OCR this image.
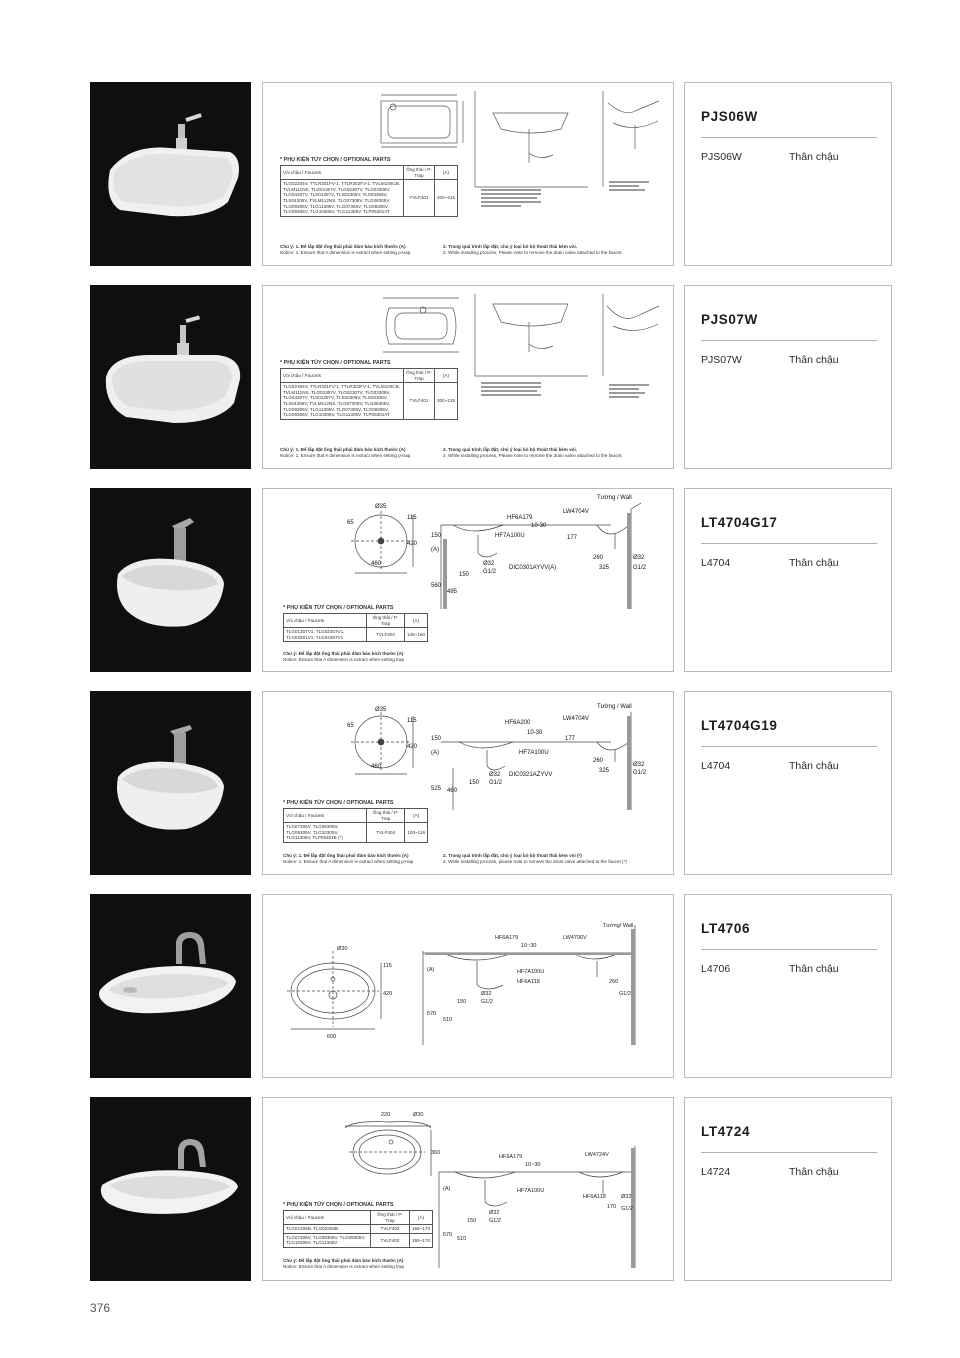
* PHỤ KIỆN TÙY CHỌN / OPTIONAL PARTS
Vòi chậu / Faucets	Ống thải / P-Trap	(A)
TLG02304V, TTLR301FV-1, TTLR302FV-1, TVLM106CB, TVLM111NS, TLG01307V, TLG02307V, TLG03306V, TLG04307V, TLS01307V, TLS02306V, TLS03306V, TLS04306V, TVLM112NS. TLG07308V, TLG08305V, TLG09306V, TLG11305V, TLG07306V, TLG08306V, TLG09305V, TLG10305V, TLG11305V. TLP05301AT	TVLF401	200~215
Chú ý: 1. Để lắp đặt ống thải phải đảm bảo kích thước (A)
Notice: 1. Ensure that A dimension is extract when setting p-trap.
2. Trong quá trình lắp đặt, chú ý loại bỏ bộ thoát thải kèm vòi.
2. While installing process, Please note to remove the drain valve attached to the faucet.
PJS06W
PJS06W	Thân chậu
* PHỤ KIỆN TÙY CHỌN / OPTIONAL PARTS
Vòi chậu / Faucets	Ống thải / P-Trap	(A)
TLG02304V, TTLR301FV-1, TTLR302FV-1, TVLM106CB, TVLM111NS, TLG01307V, TLG02307V, TLG03306V, TLG04307V, TLS01307V, TLS02306V, TLS03306V, TLS04306V, TVLM112NS. TLG07308V, TLG08305V, TLG09306V, TLG11305V, TLG07306V, TLG08306V, TLG09305V, TLG10305V, TLG11305V. TLP05301AT	TVLF401	200~215
Chú ý: 1. Để lắp đặt ống thải phải đảm bảo kích thước (A)
Notice: 1. Ensure that A dimension is extract when setting p-trap.
2. Trong quá trình lắp đặt, chú ý loại bỏ bộ thoát thải kèm vòi.
2. While installing process, Please note to remove the drain valve attached to the faucet.
PJS07W
PJS07W	Thân chậu
Ø35
65
115
420
460
HF6A179
10-30
HF7A100U
Ø32
G1/2
150
DIC0301AYVV(A)
LW4704V
Tường / Wall
177
260
325
Ø32
G1/2
(A)
150
560
495
* PHỤ KIỆN TÙY CHỌN / OPTIONAL PARTS
Vòi chậu / Faucets	Ống thải / P-Trap	(A)
TLG01307V1, TLG02307V1, TLG03301V1, TLG04307V1	TVLF404	145~160
Chú ý: Để lắp đặt ống thải phải đảm bảo kích thước (A)
Notice: Ensure that A dimension is extract when setting trap
LT4704G17
L4704	Thân chậu
Ø35
65
115
420
460
HF6A200
10-30
HF7A100U
Ø32
G1/2
150
DIC0321AZYVV
LW4704V
Tường / Wall
177
260
325
Ø32
G1/2
(A)
150
525 460
* PHỤ KIỆN TÙY CHỌN / OPTIONAL PARTS
Vòi chậu / Faucets	Ống thải / P-Trap	(A)
TLG07305V, TLG08305V, TLG09305V, TLG10305V, TLG11305V, TLP05301B (*)	TVLF404	100~116
Chú ý: 1. Để lắp đặt ống thải phải đảm bảo kích thước (A)
Notice: 1. Ensure that A dimension is extract when setting p-trap
2. Trong quá trình lắp đặt, chú ý loại bỏ bộ thoát thải kèm vòi (*)
2. While installing process, please note to remove the drain valve attached to the faucet (*)
LT4704G19
L4704	Thân chậu
Ø30
115
420
600
HF6A179
10~30
HF7A100U
Ø32
G1/2
150
HF6A118
LW4706V
Tường/ Wall
260
G1/2
(A)
570
510
LT4706
L4706	Thân chậu
220	Ø30
360
HF6A179
10~30
HF7A100U
Ø32
G1/2
150
LW4724V
HF6A118
170
Ø32
G1/2
(A)
570
510
* PHỤ KIỆN TÙY CHỌN / OPTIONAL PARTS
Vòi chậu / Faucets	Ống thải / P-Trap	(A)
TLG01306B, TLG02304B	TVLF402	155~170
TLG07305V, TLG08305V, TLG09305V, TLG10305V, TLG11305V.	TVLF402	155~170
Chú ý: Để lắp đặt ống thải phải đảm bảo kích thước (A)
Notice: Ensure that A dimension is extract when setting trap
LT4724
L4724	Thân chậu
376
